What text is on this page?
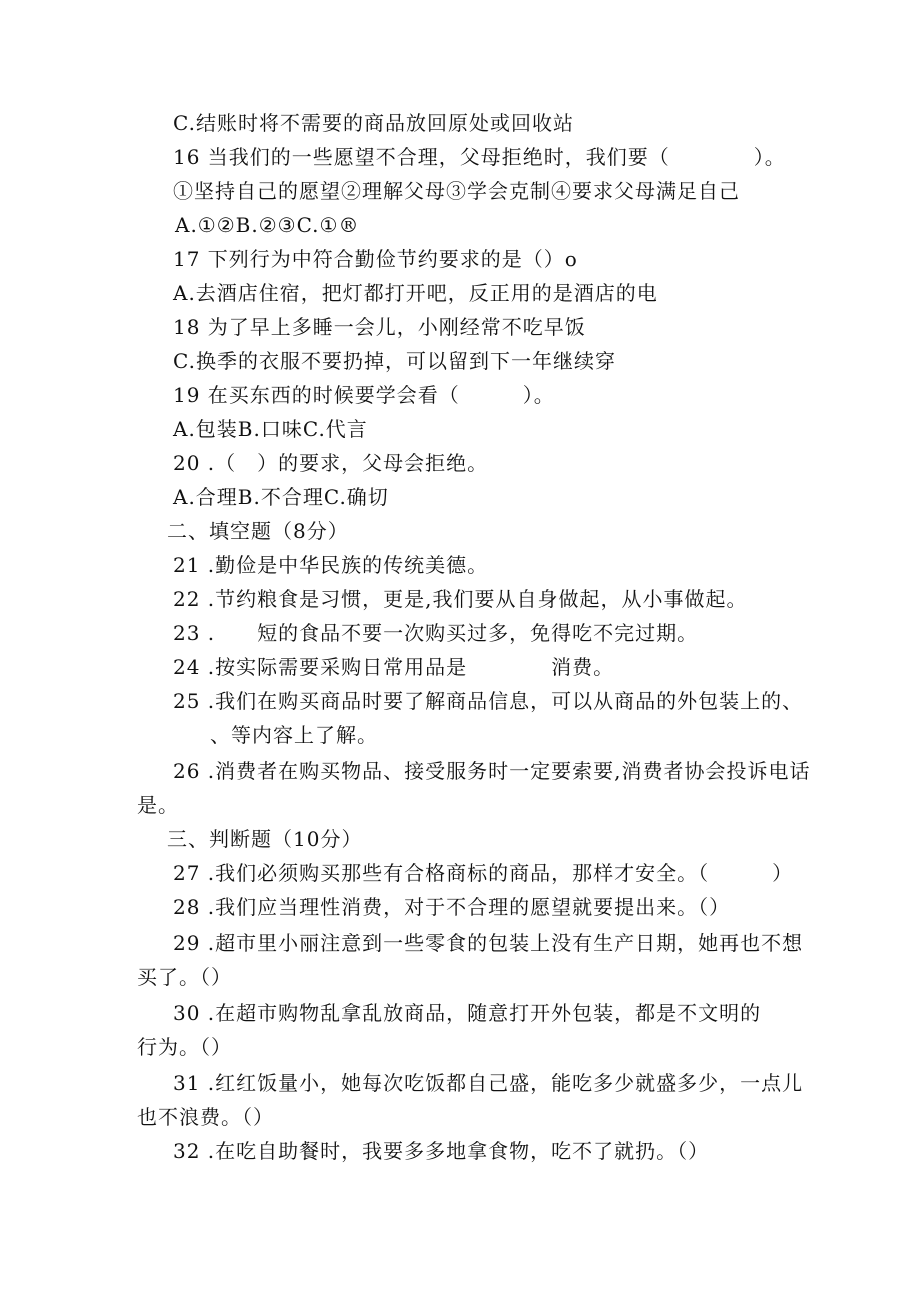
C.结账时将不需要的商品放回原处或回收站
16 当我们的一些愿望不合理，父母拒绝时，我们要（　　　　）。
①坚持自己的愿望②理解父母③学会克制④要求父母满足自己
A.①②B.②③C.①®
17 下列行为中符合勤俭节约要求的是（）o
A.去酒店住宿，把灯都打开吧，反正用的是酒店的电
18 为了早上多睡一会儿，小刚经常不吃早饭
C.换季的衣服不要扔掉，可以留到下一年继续穿
19 在买东西的时候要学会看（　　　）。
A.包装B.口味C.代言
20 .（　）的要求，父母会拒绝。
A.合理B.不合理C.确切
二、填空题（8分）
21 .勤俭是中华民族的传统美德。
22 .节约粮食是习惯，更是,我们要从自身做起，从小事做起。
23 .　　短的食品不要一次购买过多，免得吃不完过期。
24 .按实际需要采购日常用品是　　　　消费。
25 .我们在购买商品时要了解商品信息，可以从商品的外包装上的、
、等内容上了解。
26 .消费者在购买物品、接受服务时一定要索要,消费者协会投诉电话
是。
三、判断题（10分）
27 .我们必须购买那些有合格商标的商品，那样才安全。（　　　）
28 .我们应当理性消费，对于不合理的愿望就要提出来。（）
29 .超市里小丽注意到一些零食的包装上没有生产日期，她再也不想
买了。（）
30 .在超市购物乱拿乱放商品，随意打开外包装，都是不文明的
行为。（）
31 .红红饭量小，她每次吃饭都自己盛，能吃多少就盛多少，一点儿
也不浪费。（）
32 .在吃自助餐时，我要多多地拿食物，吃不了就扔。（）
